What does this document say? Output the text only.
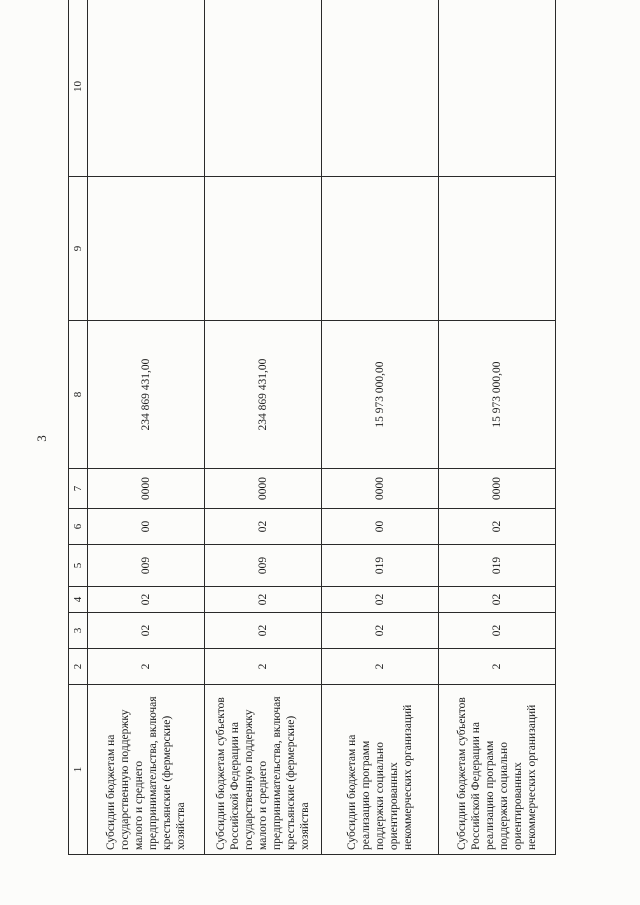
3
1	2	3	4	5	6	7	8	9	10
Субсидии бюджетам на государственную поддержку малого и среднего предпринимательства, включая крестьянские (фермерские) хозяйства	2	02	02	009	00	0000	234 869 431,00		
Субсидии бюджетам субъектов Российской Федерации на государственную поддержку малого и среднего предпринимательства, включая крестьянские (фермерские) хозяйства	2	02	02	009	02	0000	234 869 431,00		
Субсидии бюджетам на реализацию программ поддержки социально ориентированных некоммерческих организаций	2	02	02	019	00	0000	15 973 000,00		
Субсидии бюджетам субъектов Российской Федерации на реализацию программ поддержки социально ориентированных некоммерческих организаций	2	02	02	019	02	0000	15 973 000,00		
